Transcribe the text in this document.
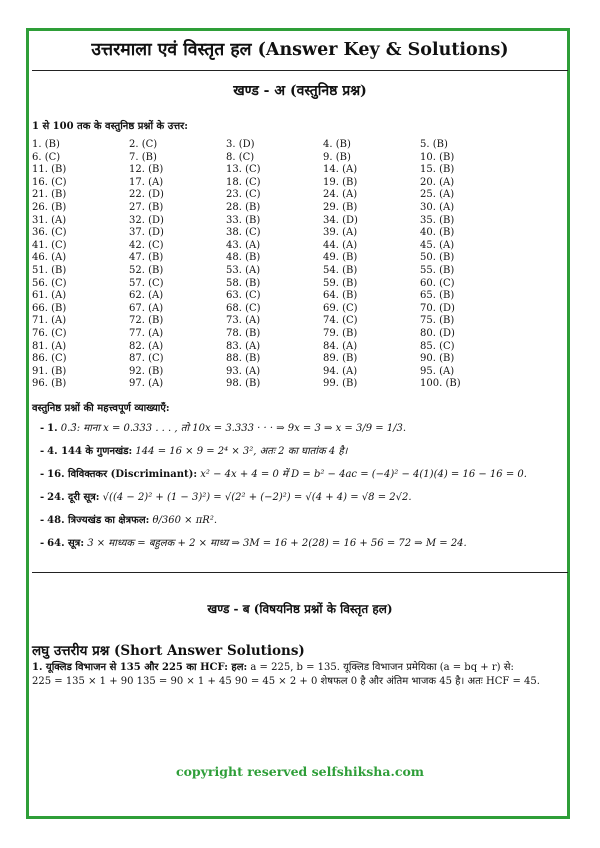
उत्तरमाला एवं विस्तृत हल (Answer Key & Solutions)
खण्ड - अ (वस्तुनिष्ठ प्रश्न)
1 से 100 तक के वस्तुनिष्ठ प्रश्नों के उत्तर:
1. (B)	2. (C)	3. (D)	4. (B)	5. (B)
6. (C)	7. (B)	8. (C)	9. (B)	10. (B)
11. (B)	12. (B)	13. (C)	14. (A)	15. (B)
16. (C)	17. (A)	18. (C)	19. (B)	20. (A)
21. (B)	22. (D)	23. (C)	24. (A)	25. (A)
26. (B)	27. (B)	28. (B)	29. (B)	30. (A)
31. (A)	32. (D)	33. (B)	34. (D)	35. (B)
36. (C)	37. (D)	38. (C)	39. (A)	40. (B)
41. (C)	42. (C)	43. (A)	44. (A)	45. (A)
46. (A)	47. (B)	48. (B)	49. (B)	50. (B)
51. (B)	52. (B)	53. (A)	54. (B)	55. (B)
56. (C)	57. (C)	58. (B)	59. (B)	60. (C)
61. (A)	62. (A)	63. (C)	64. (B)	65. (B)
66. (B)	67. (A)	68. (C)	69. (C)	70. (D)
71. (A)	72. (B)	73. (A)	74. (C)	75. (B)
76. (C)	77. (A)	78. (B)	79. (B)	80. (D)
81. (A)	82. (A)	83. (A)	84. (A)	85. (C)
86. (C)	87. (C)	88. (B)	89. (B)	90. (B)
91. (B)	92. (B)	93. (A)	94. (A)	95. (A)
96. (B)	97. (A)	98. (B)	99. (B)	100. (B)
वस्तुनिष्ठ प्रश्नों की महत्त्वपूर्ण व्याख्याएँ:
- 1. 0.3̄: माना x = 0.333 . . . , तो 10x = 3.333 · · · ⇒ 9x = 3 ⇒ x = 3/9 = 1/3.
- 4. 144 के गुणनखंड: 144 = 16 × 9 = 2⁴ × 3², अतः 2 का घातांक 4 है।
- 16. विविक्तकर (Discriminant): x² − 4x + 4 = 0 में D = b² − 4ac = (−4)² − 4(1)(4) = 16 − 16 = 0.
- 24. दूरी सूत्र: √((4 − 2)² + (1 − 3)²) = √(2² + (−2)²) = √(4 + 4) = √8 = 2√2.
- 48. त्रिज्यखंड का क्षेत्रफल: θ/360 × πR².
- 64. सूत्र: 3 × माध्यक = बहुलक + 2 × माध्य ⇒ 3M = 16 + 2(28) = 16 + 56 = 72 ⇒ M = 24.
खण्ड - ब (विषयनिष्ठ प्रश्नों के विस्तृत हल)
लघु उत्तरीय प्रश्न (Short Answer Solutions)
1. यूक्लिड विभाजन से 135 और 225 का HCF: हल: a = 225, b = 135. यूक्लिड विभाजन प्रमेयिका (a = bq + r) से:
225 = 135 × 1 + 90 135 = 90 × 1 + 45 90 = 45 × 2 + 0 शेषफल 0 है और अंतिम भाजक 45 है। अतः HCF = 45.
copyright reserved selfshiksha.com
